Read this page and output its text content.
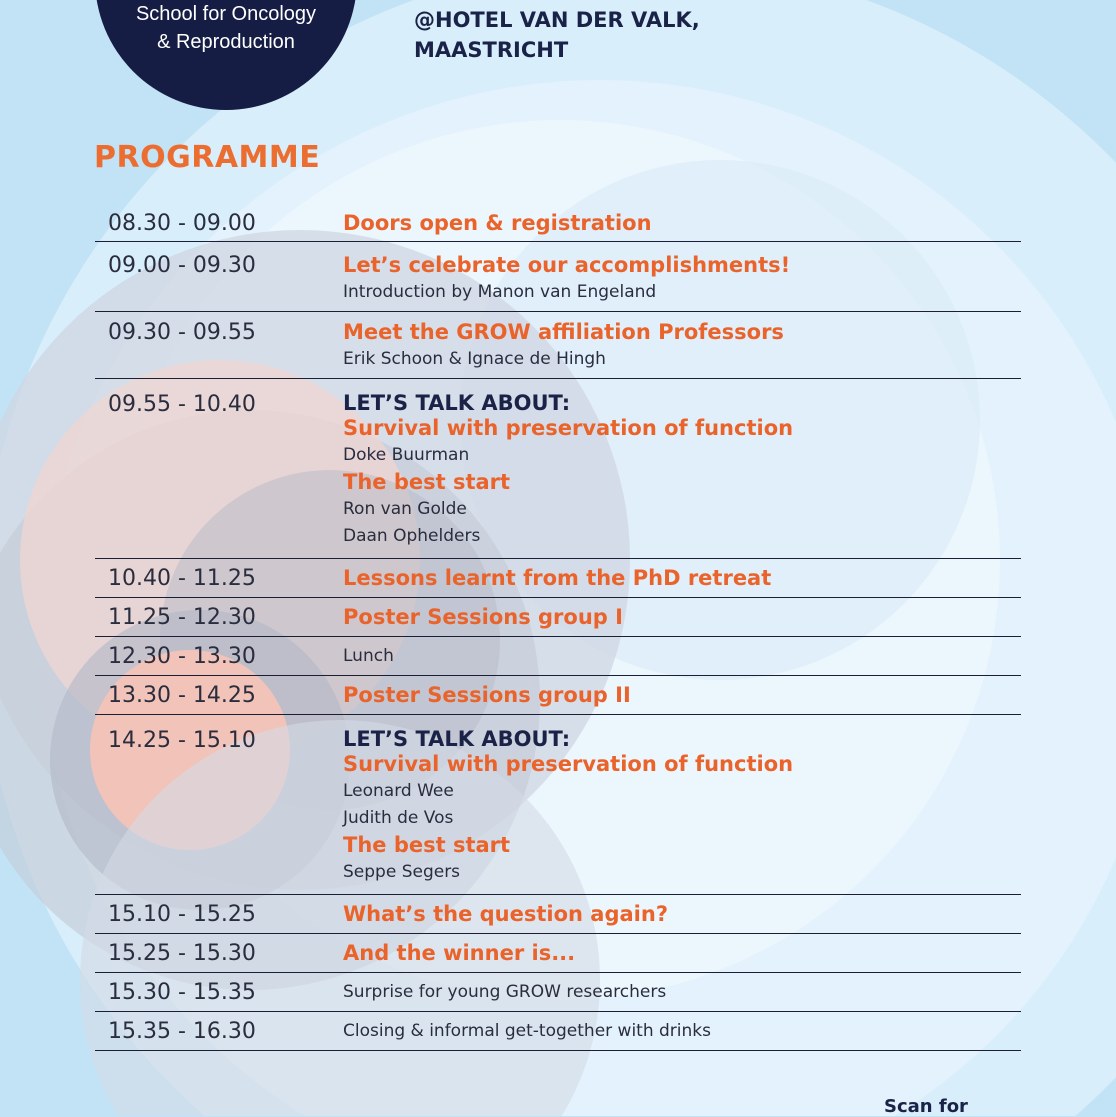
School for Oncology
& Reproduction
@HOTEL VAN DER VALK,
MAASTRICHT
PROGRAMME
08.30 - 09.00	Doors open & registration
09.00 - 09.30	Let’s celebrate our accomplishments!
Introduction by Manon van Engeland
09.30 - 09.55	Meet the GROW affiliation Professors
Erik Schoon & Ignace de Hingh
09.55 - 10.40	LET’S TALK ABOUT:
Survival with preservation of function
Doke Buurman
The best start
Ron van Golde
Daan Ophelders
10.40 - 11.25	Lessons learnt from the PhD retreat
11.25 - 12.30	Poster Sessions group I
12.30 - 13.30	Lunch
13.30 - 14.25	Poster Sessions group II
14.25 - 15.10	LET’S TALK ABOUT:
Survival with preservation of function
Leonard Wee
Judith de Vos
The best start
Seppe Segers
15.10 - 15.25	What’s the question again?
15.25 - 15.30	And the winner is...
15.30 - 15.35	Surprise for young GROW researchers
15.35 - 16.30	Closing & informal get-together with drinks
Scan for
